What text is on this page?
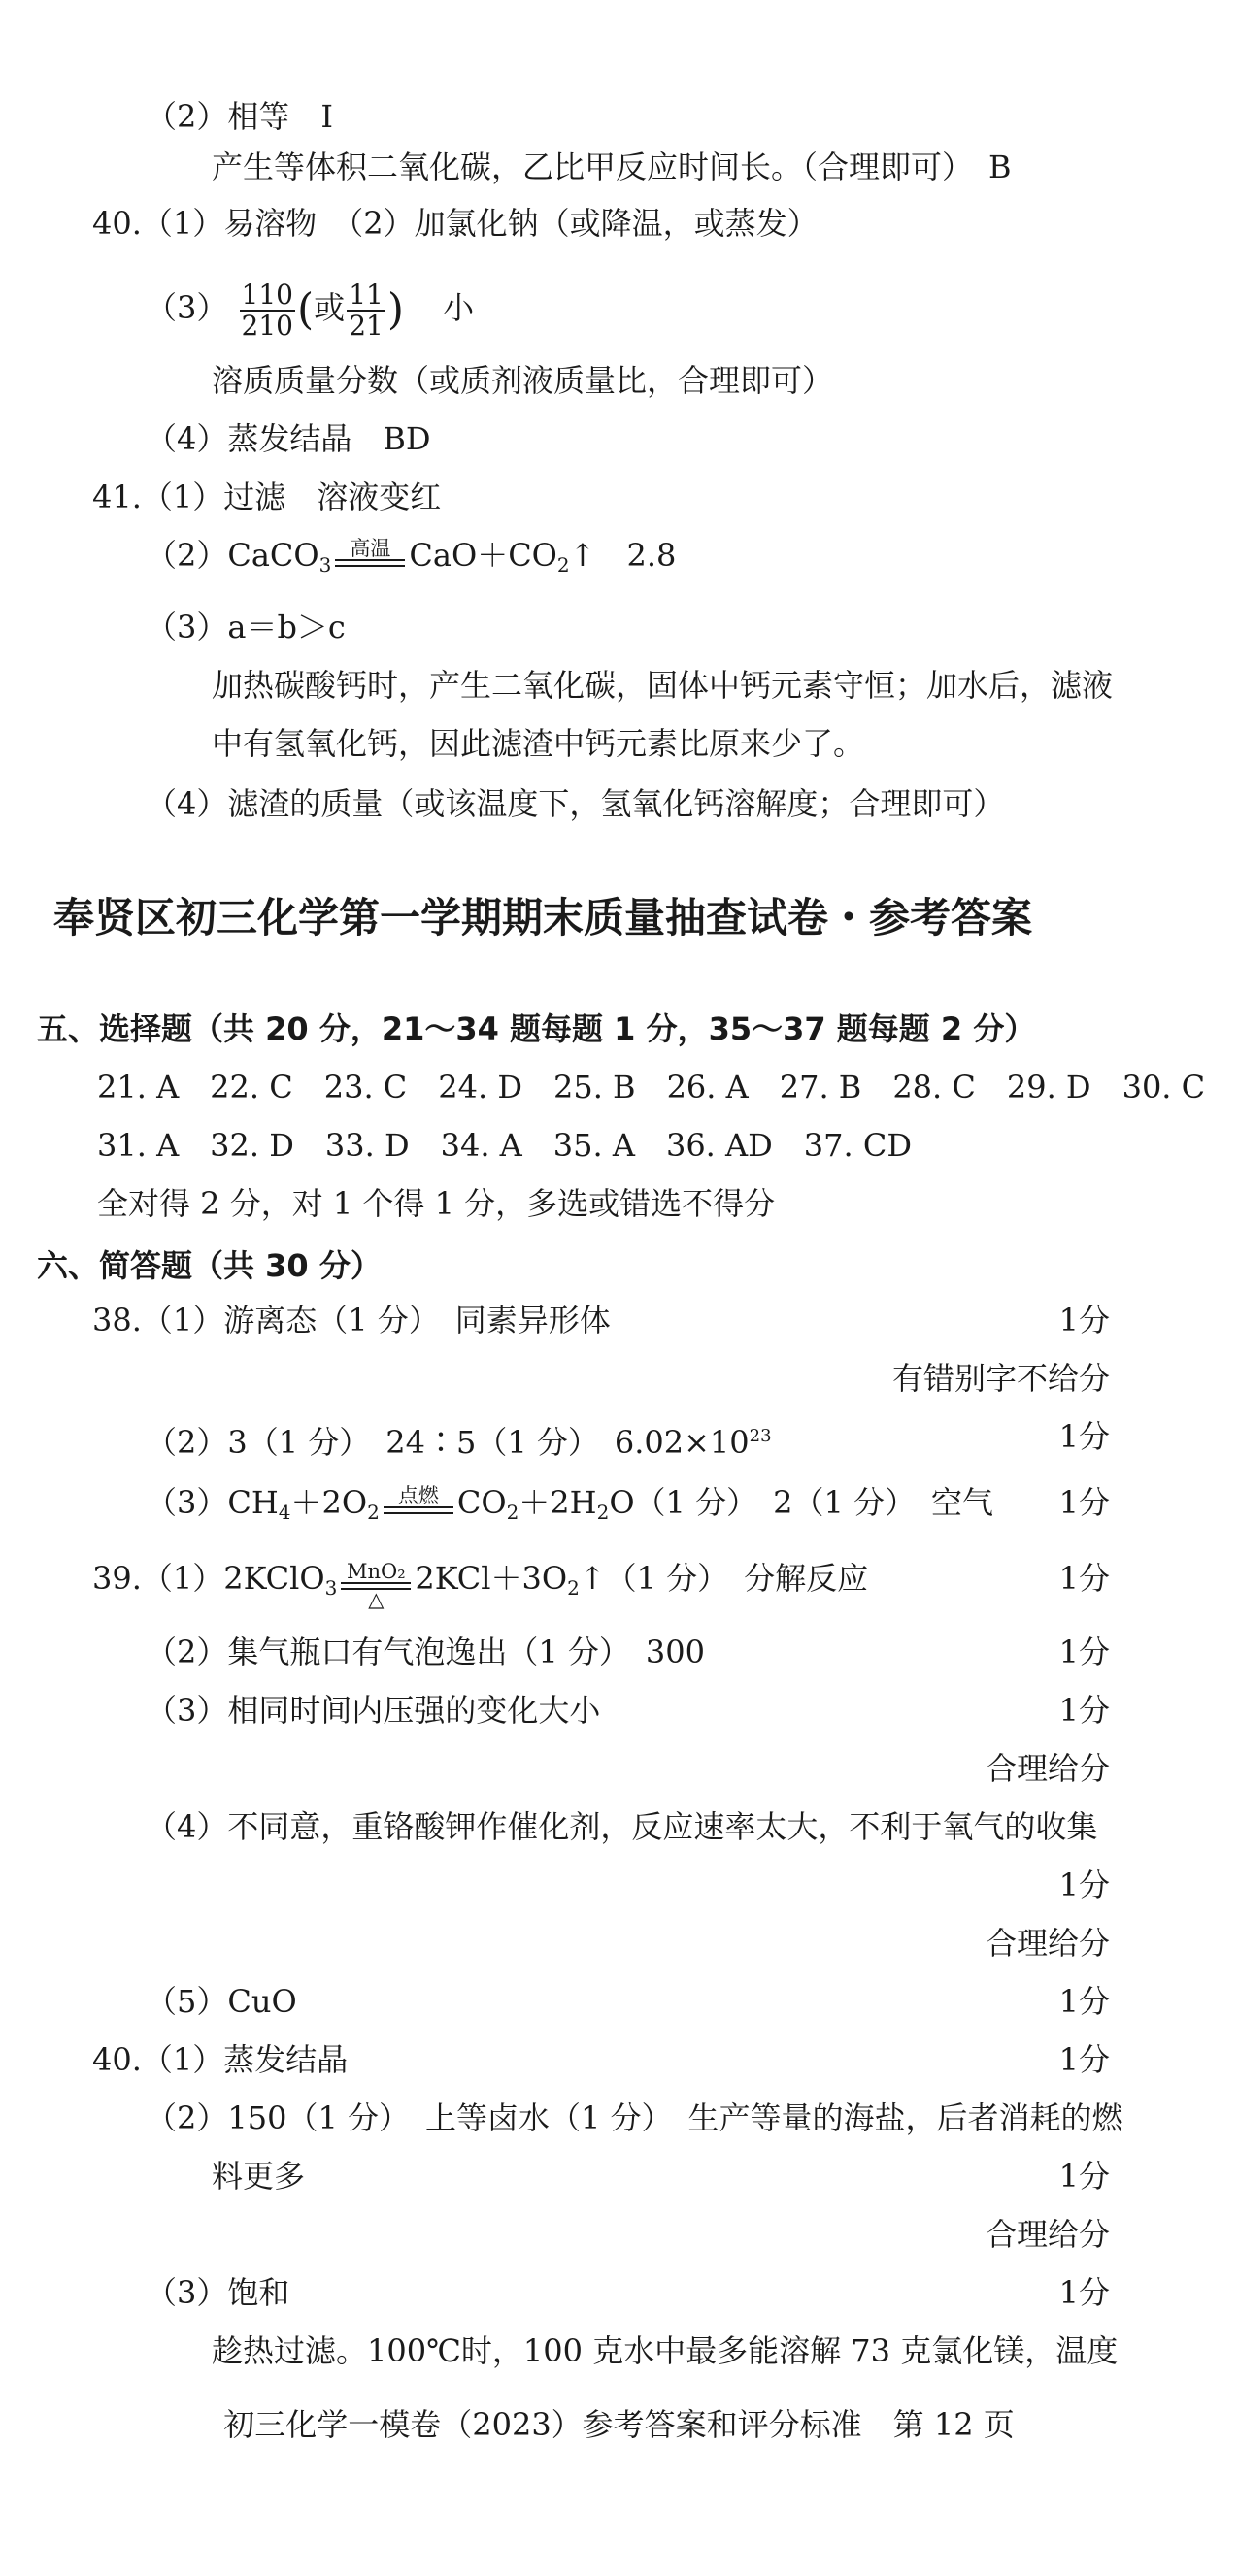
（2）相等　I
产生等体积二氧化碳，乙比甲反应时间长。（合理即可）　B
40.（1）易溶物　（2）加氯化钠（或降温，或蒸发）
$(3) \frac{110}{210}$ (或 $\frac{11}{21}$ ) 小
溶质质量分数（或质剂液质量比，合理即可）
（4）蒸发结晶　BD
41.（1）过滤　溶液变红
（2）CaCO$_3$
高温
$CaO+CO_2↑$　2.8
（3）a＝b＞c
加热碳酸钙时，产生二氧化碳，固体中钙元素守恒；加水后，滤液
中有氢氧化钙，因此滤渣中钙元素比原来少了。
（4）滤渣的质量（或该温度下，氢氧化钙溶解度；合理即可）
奉贤区初三化学第一学期期末质量抽查试卷・参考答案
五、选择题（共 20 分，21～34 题每题 1 分，35～37 题每题 2 分）
21. A　22. C　23. C　24. D　25. B　26. A　27. B　28. C　29. D　30. C
31. A　32. D　33. D　34. A　35. A　36. AD　37. CD
全对得 2 分，对 1 个得 1 分，多选或错选不得分
六、简答题（共 30 分）
38.（1）游离态（1 分）　同素异形体	1分
有错别字不给分
（2）3（1 分）　24∶5（1 分）　$6.02\times 10^{23}$	1分
$(3)CH_4+2O_2$
点燃
$CO_2+2H_2O(1$ 分）　2（1 分）　空气 1分
39.（1）2KClO$_3$
MnO₂
△
$2KCl+3O_2↑(1$ 分）　分解反应	1分
（2）集气瓶口有气泡逸出（1 分）　300	1分
（3）相同时间内压强的变化大小	1分
合理给分
（4）不同意，重铬酸钾作催化剂，反应速率太大，不利于氧气的收集
1分
合理给分
（5）CuO	1分
40.（1）蒸发结晶	1分
（2）150（1 分）　上等卤水（1 分）　生产等量的海盐，后者消耗的燃
料更多	1分
合理给分
（3）饱和	1分
趁热过滤。100℃时，100 克水中最多能溶解 73 克氯化镁，温度
初三化学一模卷（2023）参考答案和评分标准　第 12 页
